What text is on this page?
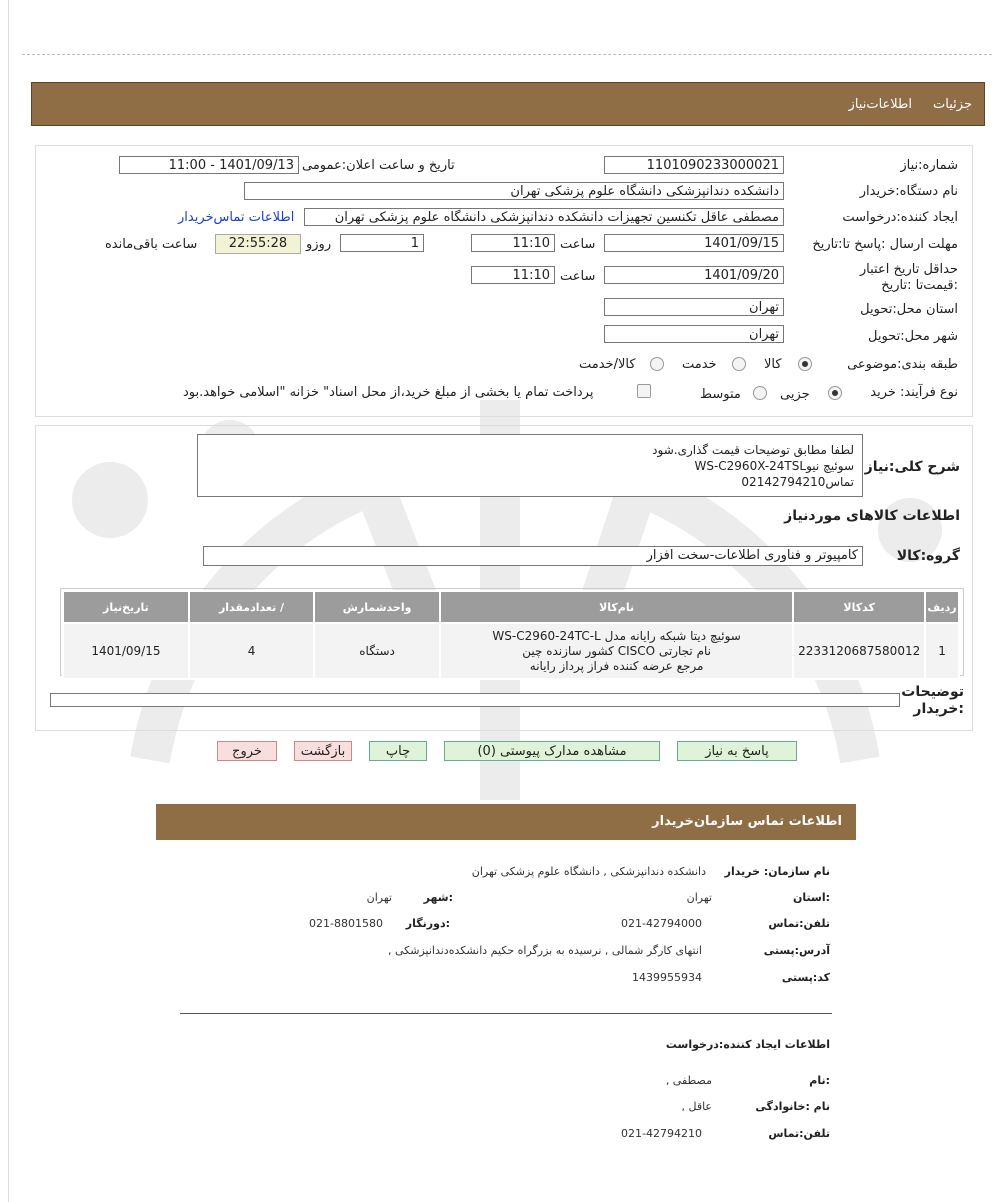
جزئیات
اطلاعات‌نیاز
شماره:نیاز
1101090233000021
تاریخ و ساعت اعلان:عمومی
1401/09/13 - 11:00
نام دستگاه:خریدار
دانشکده دندانپزشکی دانشگاه علوم پزشکی تهران
ایجاد کننده:درخواست
مصطفی عاقل تکنسین تجهیزات دانشکده دندانپزشکی دانشگاه علوم پزشکی تهران
اطلاعات تماس‌خریدار
مهلت ارسال :پاسخ تا:تاریخ
1401/09/15
ساعت
11:10
1
روزو
22:55:28
ساعت باقی‌مانده
حداقل تاریخ اعتبار :قیمت‌تا :تاریخ
1401/09/20
ساعت
11:10
استان محل:تحویل
تهران
شهر محل:تحویل
تهران
طبقه بندی:موضوعی
کالا
خدمت
کالا/خدمت
نوع فرآیند: خرید
جزیی
متوسط
پرداخت تمام یا بخشی از مبلغ خرید،از محل اسناد" خزانه "اسلامی خواهد.بود
شرح کلی:نیاز
لطفا مطابق توضیحات قیمت گذاری.شود
سوئیچ نیوWS-C2960X-24TSL
تماس02142794210
اطلاعات کالاهای مورد‌نیاز
گروه:کالا
کامپیوتر و فناوری اطلاعات-سخت افزار
ردیف	کدکالا	نام‌کالا	واحد‌شمارش	/ تعداد‌مقدار	تاریخ‌نیاز
1	2233120687580012	سوئیچ دیتا شبکه رایانه مدل WS-C2960-24TC-L
نام تجارتی CISCO کشور سازنده چین
مرجع عرضه کننده فراز پرداز رایانه	دستگاه	4	1401/09/15
توضیحات :خریدار
پاسخ به نیاز
مشاهده مدارک پیوستی (0)
چاپ
بازگشت
خروج
اطلاعات تماس سازمان‌خریدار
نام سازمان: خریدار
دانشکده دندانپزشکی , دانشگاه علوم پزشکی تهران
:استان
تهران
:شهر
تهران
تلفن:تماس
021-42794000
:دورنگار
021-8801580
آدرس:پستی
انتهای کارگر شمالی , نرسیده به بزرگراه حکیم دانشکده‌دندانپزشکی ,
کد:پستی
1439955934
اطلاعات ایجاد کننده:درخواست
:نام
مصطفی ,
نام :خانوادگی
عاقل ,
تلفن:تماس
021-42794210
